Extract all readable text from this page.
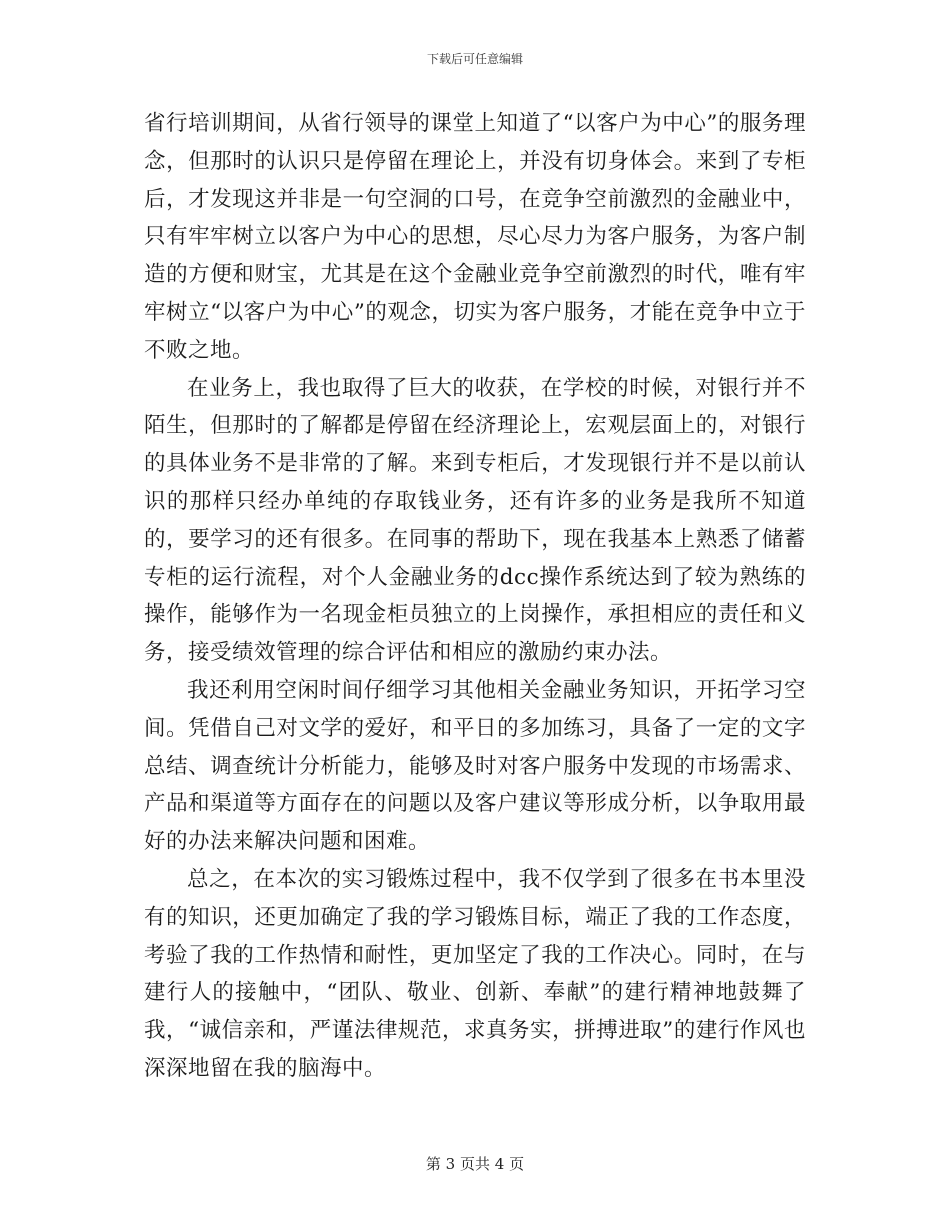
下载后可任意编辑

省行培训期间，从省行领导的课堂上知道了“以客户为中心”的服务理念，但那时的认识只是停留在理论上，并没有切身体会。来到了专柜后，才发现这并非是一句空洞的口号，在竞争空前激烈的金融业中，只有牢牢树立以客户为中心的思想，尽心尽力为客户服务，为客户制造的方便和财宝，尤其是在这个金融业竞争空前激烈的时代，唯有牢牢树立“以客户为中心”的观念，切实为客户服务，才能在竞争中立于不败之地。

在业务上，我也取得了巨大的收获，在学校的时候，对银行并不陌生，但那时的了解都是停留在经济理论上，宏观层面上的，对银行的具体业务不是非常的了解。来到专柜后，才发现银行并不是以前认识的那样只经办单纯的存取钱业务，还有许多的业务是我所不知道的，要学习的还有很多。在同事的帮助下，现在我基本上熟悉了储蓄专柜的运行流程，对个人金融业务的dcc操作系统达到了较为熟练的操作，能够作为一名现金柜员独立的上岗操作，承担相应的责任和义务，接受绩效管理的综合评估和相应的激励约束办法。

我还利用空闲时间仔细学习其他相关金融业务知识，开拓学习空间。凭借自己对文学的爱好，和平日的多加练习，具备了一定的文字总结、调查统计分析能力，能够及时对客户服务中发现的市场需求、产品和渠道等方面存在的问题以及客户建议等形成分析，以争取用最好的办法来解决问题和困难。

总之，在本次的实习锻炼过程中，我不仅学到了很多在书本里没有的知识，还更加确定了我的学习锻炼目标，端正了我的工作态度，考验了我的工作热情和耐性，更加坚定了我的工作决心。同时，在与建行人的接触中，“团队、敬业、创新、奉献”的建行精神地鼓舞了我，“诚信亲和，严谨法律规范，求真务实，拼搏进取”的建行作风也深深地留在我的脑海中。

第 3 页共 4 页
